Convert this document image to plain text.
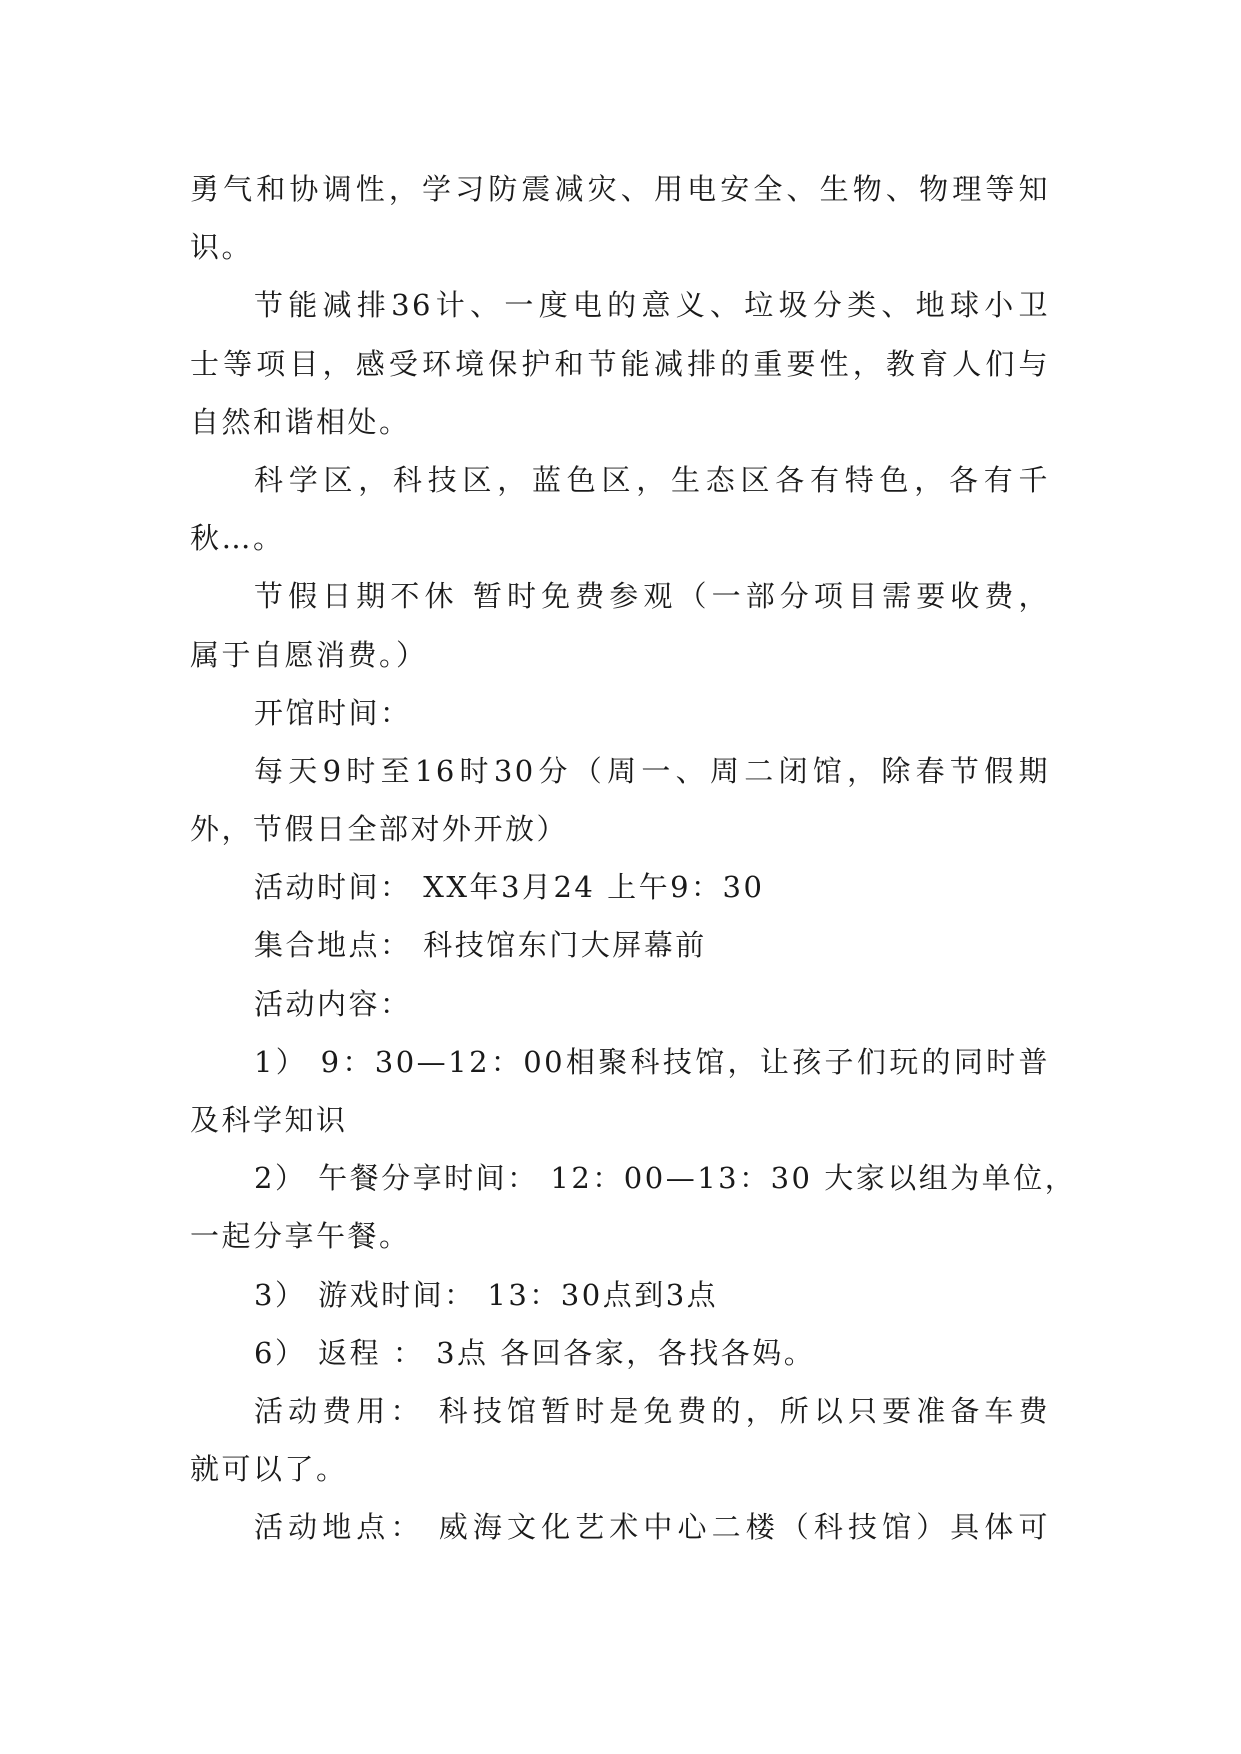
勇气和协调性，学习防震减灾、用电安全、生物、物理等知
识。
节能减排36计、一度电的意义、垃圾分类、地球小卫
士等项目，感受环境保护和节能减排的重要性，教育人们与
自然和谐相处。
科学区，科技区，蓝色区，生态区各有特色，各有千
秋…。
节假日期不休 暂时免费参观（一部分项目需要收费，
属于自愿消费。）
开馆时间：
每天9时至16时30分（周一、周二闭馆，除春节假期
外，节假日全部对外开放）
活动时间： XX年3月24 上午9：30
集合地点： 科技馆东门大屏幕前
活动内容：
1） 9：30—12：00相聚科技馆，让孩子们玩的同时普
及科学知识
2） 午餐分享时间： 12：00—13：30 大家以组为单位，
一起分享午餐。
3） 游戏时间： 13：30点到3点
6） 返程 ： 3点 各回各家，各找各妈。
活动费用： 科技馆暂时是免费的，所以只要准备车费
就可以了。
活动地点： 威海文化艺术中心二楼（科技馆）具体可
